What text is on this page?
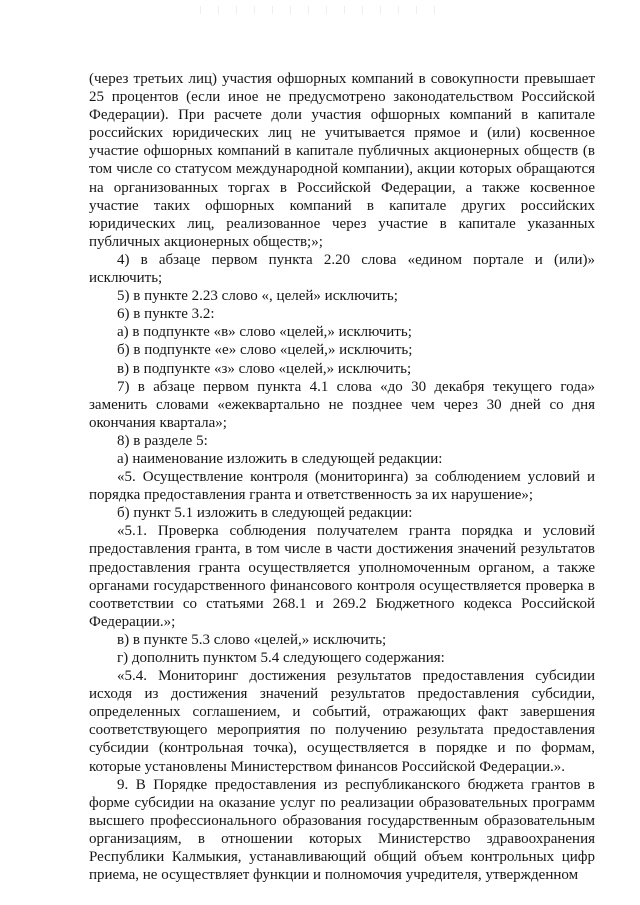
(через третьих лиц) участия офшорных компаний в совокупности превышает 25 процентов (если иное не предусмотрено законодательством Российской Федерации). При расчете доли участия офшорных компаний в капитале российских юридических лиц не учитывается прямое и (или) косвенное участие офшорных компаний в капитале публичных акционерных обществ (в том числе со статусом международной компании), акции которых обращаются на организованных торгах в Российской Федерации, а также косвенное участие таких офшорных компаний в капитале других российских юридических лиц, реализованное через участие в капитале указанных публичных акционерных обществ;»;

4) в абзаце первом пункта 2.20 слова «едином портале и (или)» исключить;

5) в пункте 2.23 слово «, целей» исключить;

6) в пункте 3.2:

а) в подпункте «в» слово «целей,» исключить;

б) в подпункте «е» слово «целей,» исключить;

в) в подпункте «з» слово «целей,» исключить;

7) в абзаце первом пункта 4.1 слова «до 30 декабря текущего года» заменить словами «ежеквартально не позднее чем через 30 дней со дня окончания квартала»;

8) в разделе 5:

а) наименование изложить в следующей редакции:

«5. Осуществление контроля (мониторинга) за соблюдением условий и порядка предоставления гранта и ответственность за их нарушение»;

б) пункт 5.1 изложить в следующей редакции:

«5.1. Проверка соблюдения получателем гранта порядка и условий предоставления гранта, в том числе в части достижения значений результатов предоставления гранта осуществляется уполномоченным органом, а также органами государственного финансового контроля осуществляется проверка в соответствии со статьями 268.1 и 269.2 Бюджетного кодекса Российской Федерации.»;

в) в пункте 5.3 слово «целей,» исключить;

г) дополнить пунктом 5.4 следующего содержания:

«5.4. Мониторинг достижения результатов предоставления субсидии исходя из достижения значений результатов предоставления субсидии, определенных соглашением, и событий, отражающих факт завершения соответствующего мероприятия по получению результата предоставления субсидии (контрольная точка), осуществляется в порядке и по формам, которые установлены Министерством финансов Российской Федерации.».

9. В Порядке предоставления из республиканского бюджета грантов в форме субсидии на оказание услуг по реализации образовательных программ высшего профессионального образования государственным образовательным организациям, в отношении которых Министерство здравоохранения Республики Калмыкия, устанавливающий общий объем контрольных цифр приема, не осуществляет функции и полномочия учредителя, утвержденном
